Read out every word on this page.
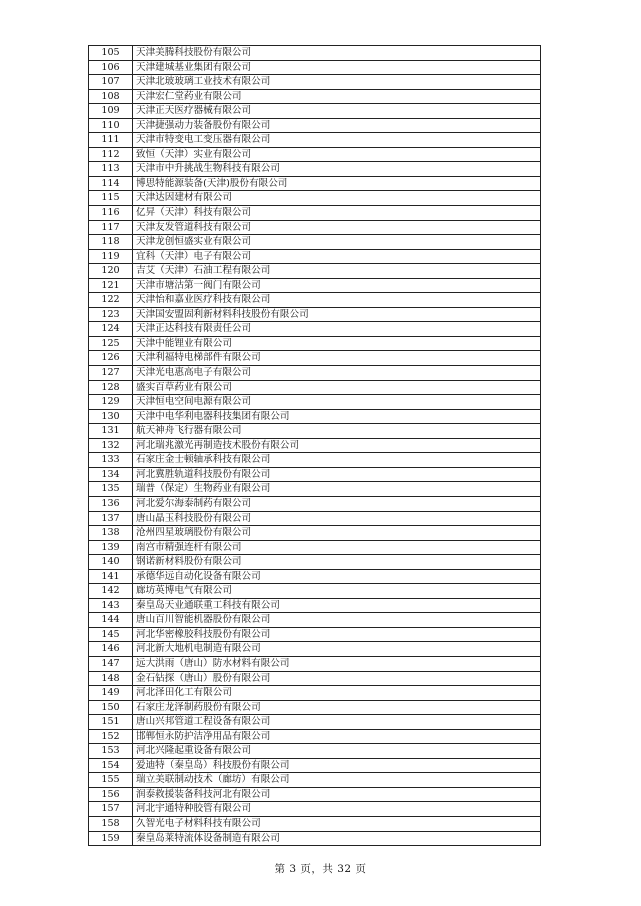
105	天津美腾科技股份有限公司
106	天津建城基业集团有限公司
107	天津北玻玻璃工业技术有限公司
108	天津宏仁堂药业有限公司
109	天津正天医疗器械有限公司
110	天津捷强动力装备股份有限公司
111	天津市特变电工变压器有限公司
112	致恒（天津）实业有限公司
113	天津市中升挑战生物科技有限公司
114	博思特能源装备(天津)股份有限公司
115	天津达因建材有限公司
116	亿昇（天津）科技有限公司
117	天津友发管道科技有限公司
118	天津龙创恒盛实业有限公司
119	宜科（天津）电子有限公司
120	吉艾（天津）石油工程有限公司
121	天津市塘沽第一阀门有限公司
122	天津怡和嘉业医疗科技有限公司
123	天津国安盟固利新材料科技股份有限公司
124	天津正达科技有限责任公司
125	天津中能锂业有限公司
126	天津利福特电梯部件有限公司
127	天津光电惠高电子有限公司
128	盛实百草药业有限公司
129	天津恒电空间电源有限公司
130	天津中电华利电器科技集团有限公司
131	航天神舟飞行器有限公司
132	河北瑞兆激光再制造技术股份有限公司
133	石家庄金士顿轴承科技有限公司
134	河北冀胜轨道科技股份有限公司
135	瑞普（保定）生物药业有限公司
136	河北爱尔海泰制药有限公司
137	唐山晶玉科技股份有限公司
138	沧州四星玻璃股份有限公司
139	南宫市精强连杆有限公司
140	钢诺新材料股份有限公司
141	承德华远自动化设备有限公司
142	廊坊英博电气有限公司
143	秦皇岛天业通联重工科技有限公司
144	唐山百川智能机器股份有限公司
145	河北华密橡胶科技股份有限公司
146	河北新大地机电制造有限公司
147	远大洪雨（唐山）防水材料有限公司
148	金石钻探（唐山）股份有限公司
149	河北泽田化工有限公司
150	石家庄龙泽制药股份有限公司
151	唐山兴邦管道工程设备有限公司
152	邯郸恒永防护洁净用品有限公司
153	河北兴隆起重设备有限公司
154	爱迪特（秦皇岛）科技股份有限公司
155	瑞立美联制动技术（廊坊）有限公司
156	润泰救援装备科技河北有限公司
157	河北宇通特种胶管有限公司
158	久智光电子材料科技有限公司
159	秦皇岛莱特流体设备制造有限公司
第 3 页，共 32 页
